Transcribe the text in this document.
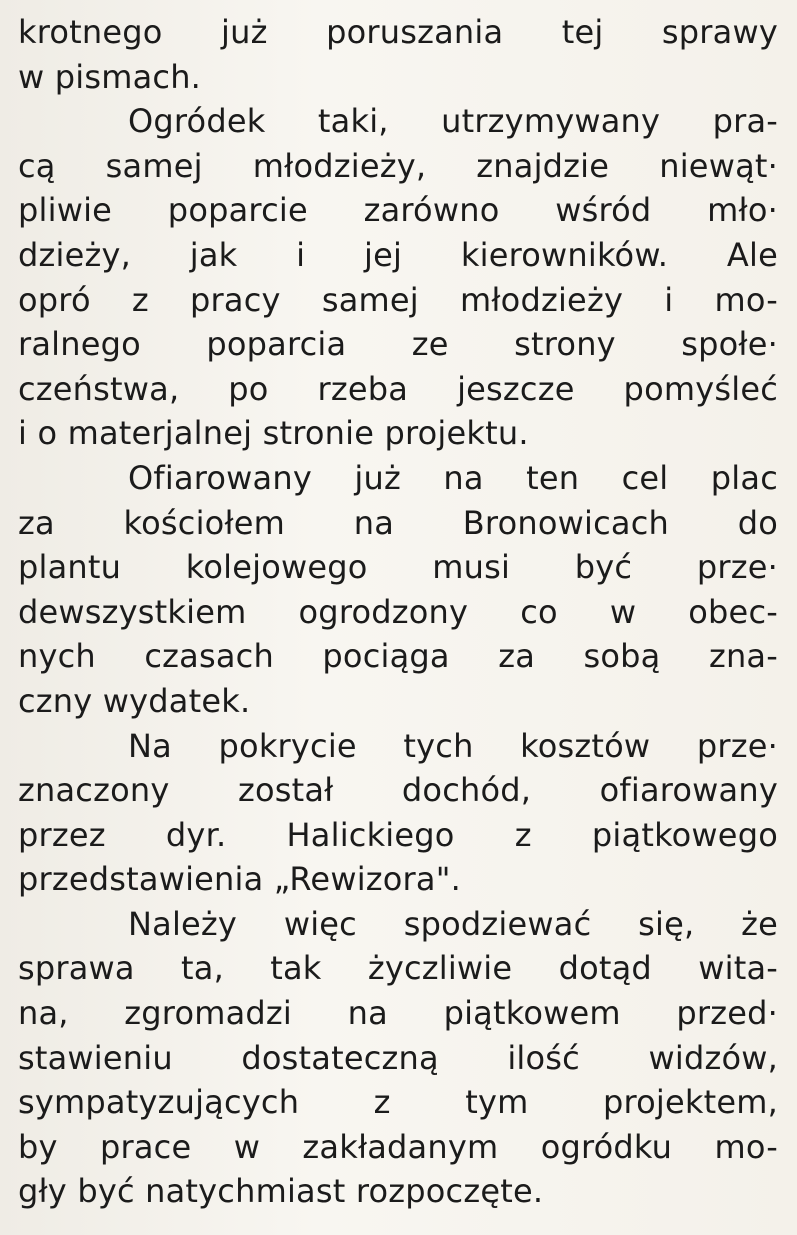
krotnego już poruszania tej sprawy
w pismach.
Ogródek taki, utrzymywany pra-
cą samej młodzieży, znajdzie niewąt·
pliwie poparcie zarówno wśród mło·
dzieży, jak i jej kierowników. Ale
opró z pracy samej młodzieży i mo-
ralnego poparcia ze strony społe·
czeństwa, po rzeba jeszcze pomyśleć
i o materjalnej stronie projektu.
Ofiarowany już na ten cel plac
za kościołem na Bronowicach do
plantu kolejowego musi być prze·
dewszystkiem ogrodzony co w obec-
nych czasach pociąga za sobą zna-
czny wydatek.
Na pokrycie tych kosztów prze·
znaczony został dochód, ofiarowany
przez dyr. Halickiego z piątkowego
przedstawienia „Rewizora".
Należy więc spodziewać się, że
sprawa ta, tak życzliwie dotąd wita-
na, zgromadzi na piątkowem przed·
stawieniu dostateczną ilość widzów,
sympatyzujących z tym projektem,
by prace w zakładanym ogródku mo-
gły być natychmiast rozpoczęte.
